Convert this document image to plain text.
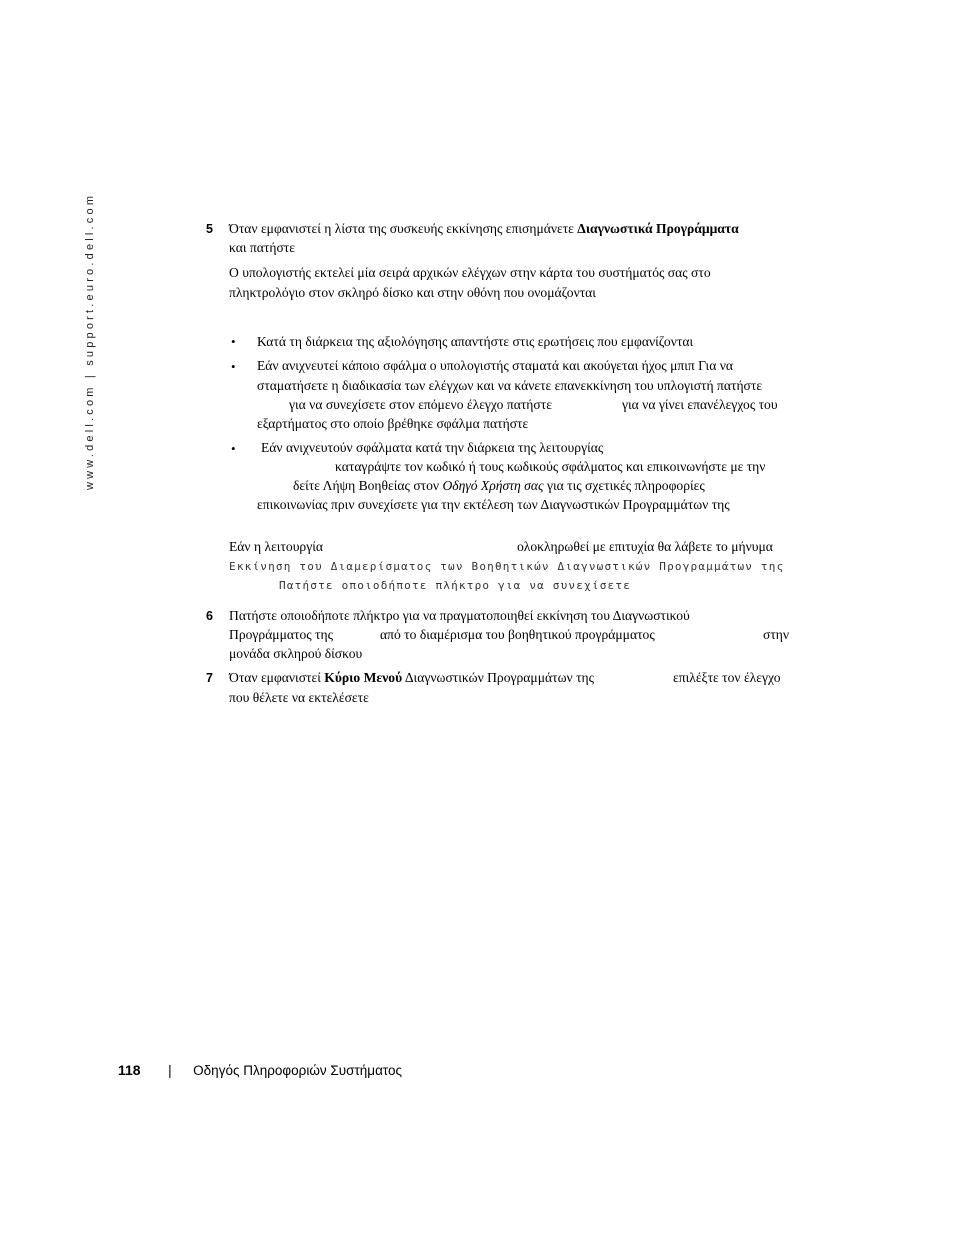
www.dell.com | support.euro.dell.com	5 Όταν εμφανιστεί η λίστα της συσκευής εκκίνησης επισημάνετε Διαγνωστικά Προγράμματα
και πατήστε
Ο υπολογιστής εκτελεί μία σειρά αρχικών ελέγχων στην κάρτα του συστήματός σας στο
πληκτρολόγιο στον σκληρό δίσκο και στην οθόνη που ονομάζονται
• Κατά τη διάρκεια της αξιολόγησης απαντήστε στις ερωτήσεις που εμφανίζονται
• Εάν ανιχνευτεί κάποιο σφάλμα ο υπολογιστής σταματά και ακούγεται ήχος μπιπ Για να
σταματήσετε η διαδικασία των ελέγχων και να κάνετε επανεκκίνηση του υπλογιστή πατήστε
για να συνεχίσετε στον επόμενο έλεγχο πατήστε	για να γίνει επανέλεγχος του
εξαρτήματος στο οποίο βρέθηκε σφάλμα πατήστε
• Εάν ανιχνευτούν σφάλματα κατά την διάρκεια της λειτουργίας
καταγράψτε τον κωδικό ή τους κωδικούς σφάλματος και επικοινωνήστε με την
δείτε Λήψη Βοηθείας στον Οδηγό Χρήστη σας για τις σχετικές πληροφορίες
επικοινωνίας πριν συνεχίσετε για την εκτέλεση των Διαγνωστικών Προγραμμάτων της
Εάν η λειτουργία	ολοκληρωθεί με επιτυχία θα λάβετε το μήνυμα
Εκκίνηση του Διαμερίσματος των Βοηθητικών Διαγνωστικών Προγραμμάτων της
Πατήστε οποιοδήποτε πλήκτρο για να συνεχίσετε
6 Πατήστε οποιοδήποτε πλήκτρο για να πραγματοποιηθεί εκκίνηση του Διαγνωστικού
Προγράμματος της	από το διαμέρισμα του βοηθητικού προγράμματος	στην
μονάδα σκληρού δίσκου
7 Όταν εμφανιστεί Κύριο Μενού Διαγνωστικών Προγραμμάτων της	επιλέξτε τον έλεγχο
που θέλετε να εκτελέσετε
118 | Οδηγός Πληροφοριών Συστήματος
